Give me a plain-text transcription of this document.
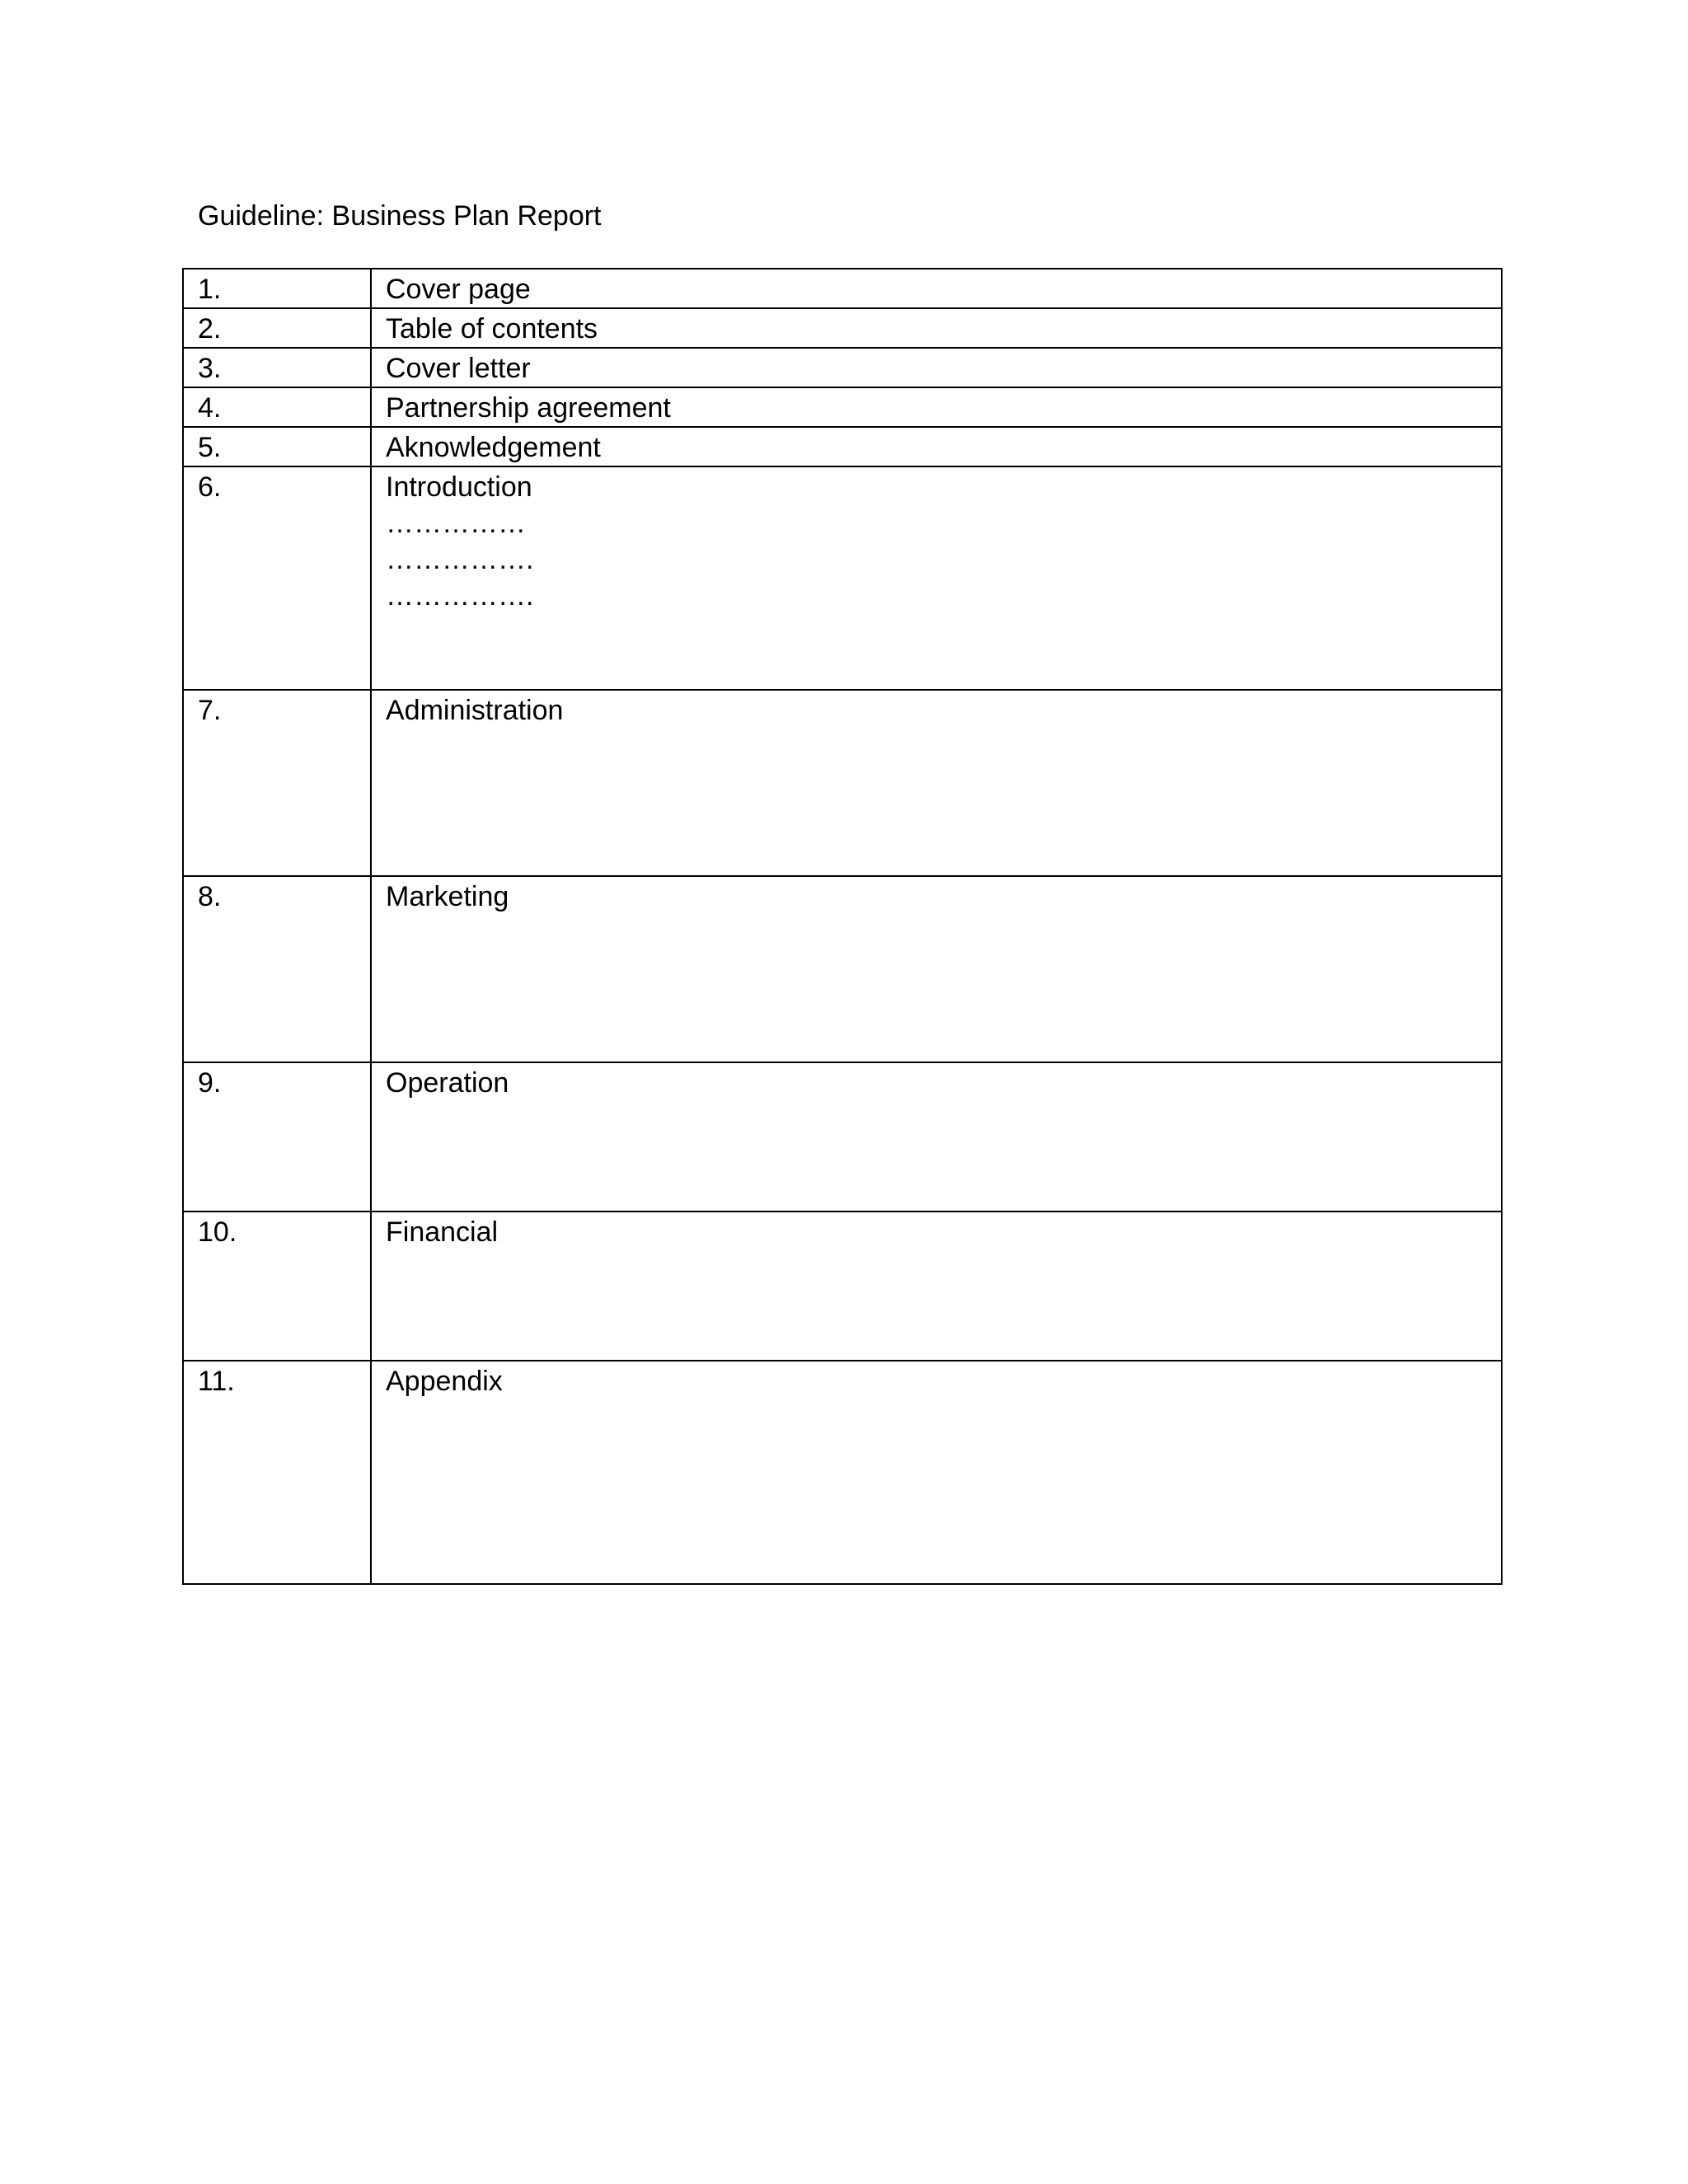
Guideline: Business Plan Report
1.	Cover page
2.	Table of contents
3.	Cover letter
4.	Partnership agreement
5.	Aknowledgement
6.	Introduction
……………
…………….
…………….

7.	Administration
8.	Marketing
9.	Operation
10.	Financial
11.	Appendix
